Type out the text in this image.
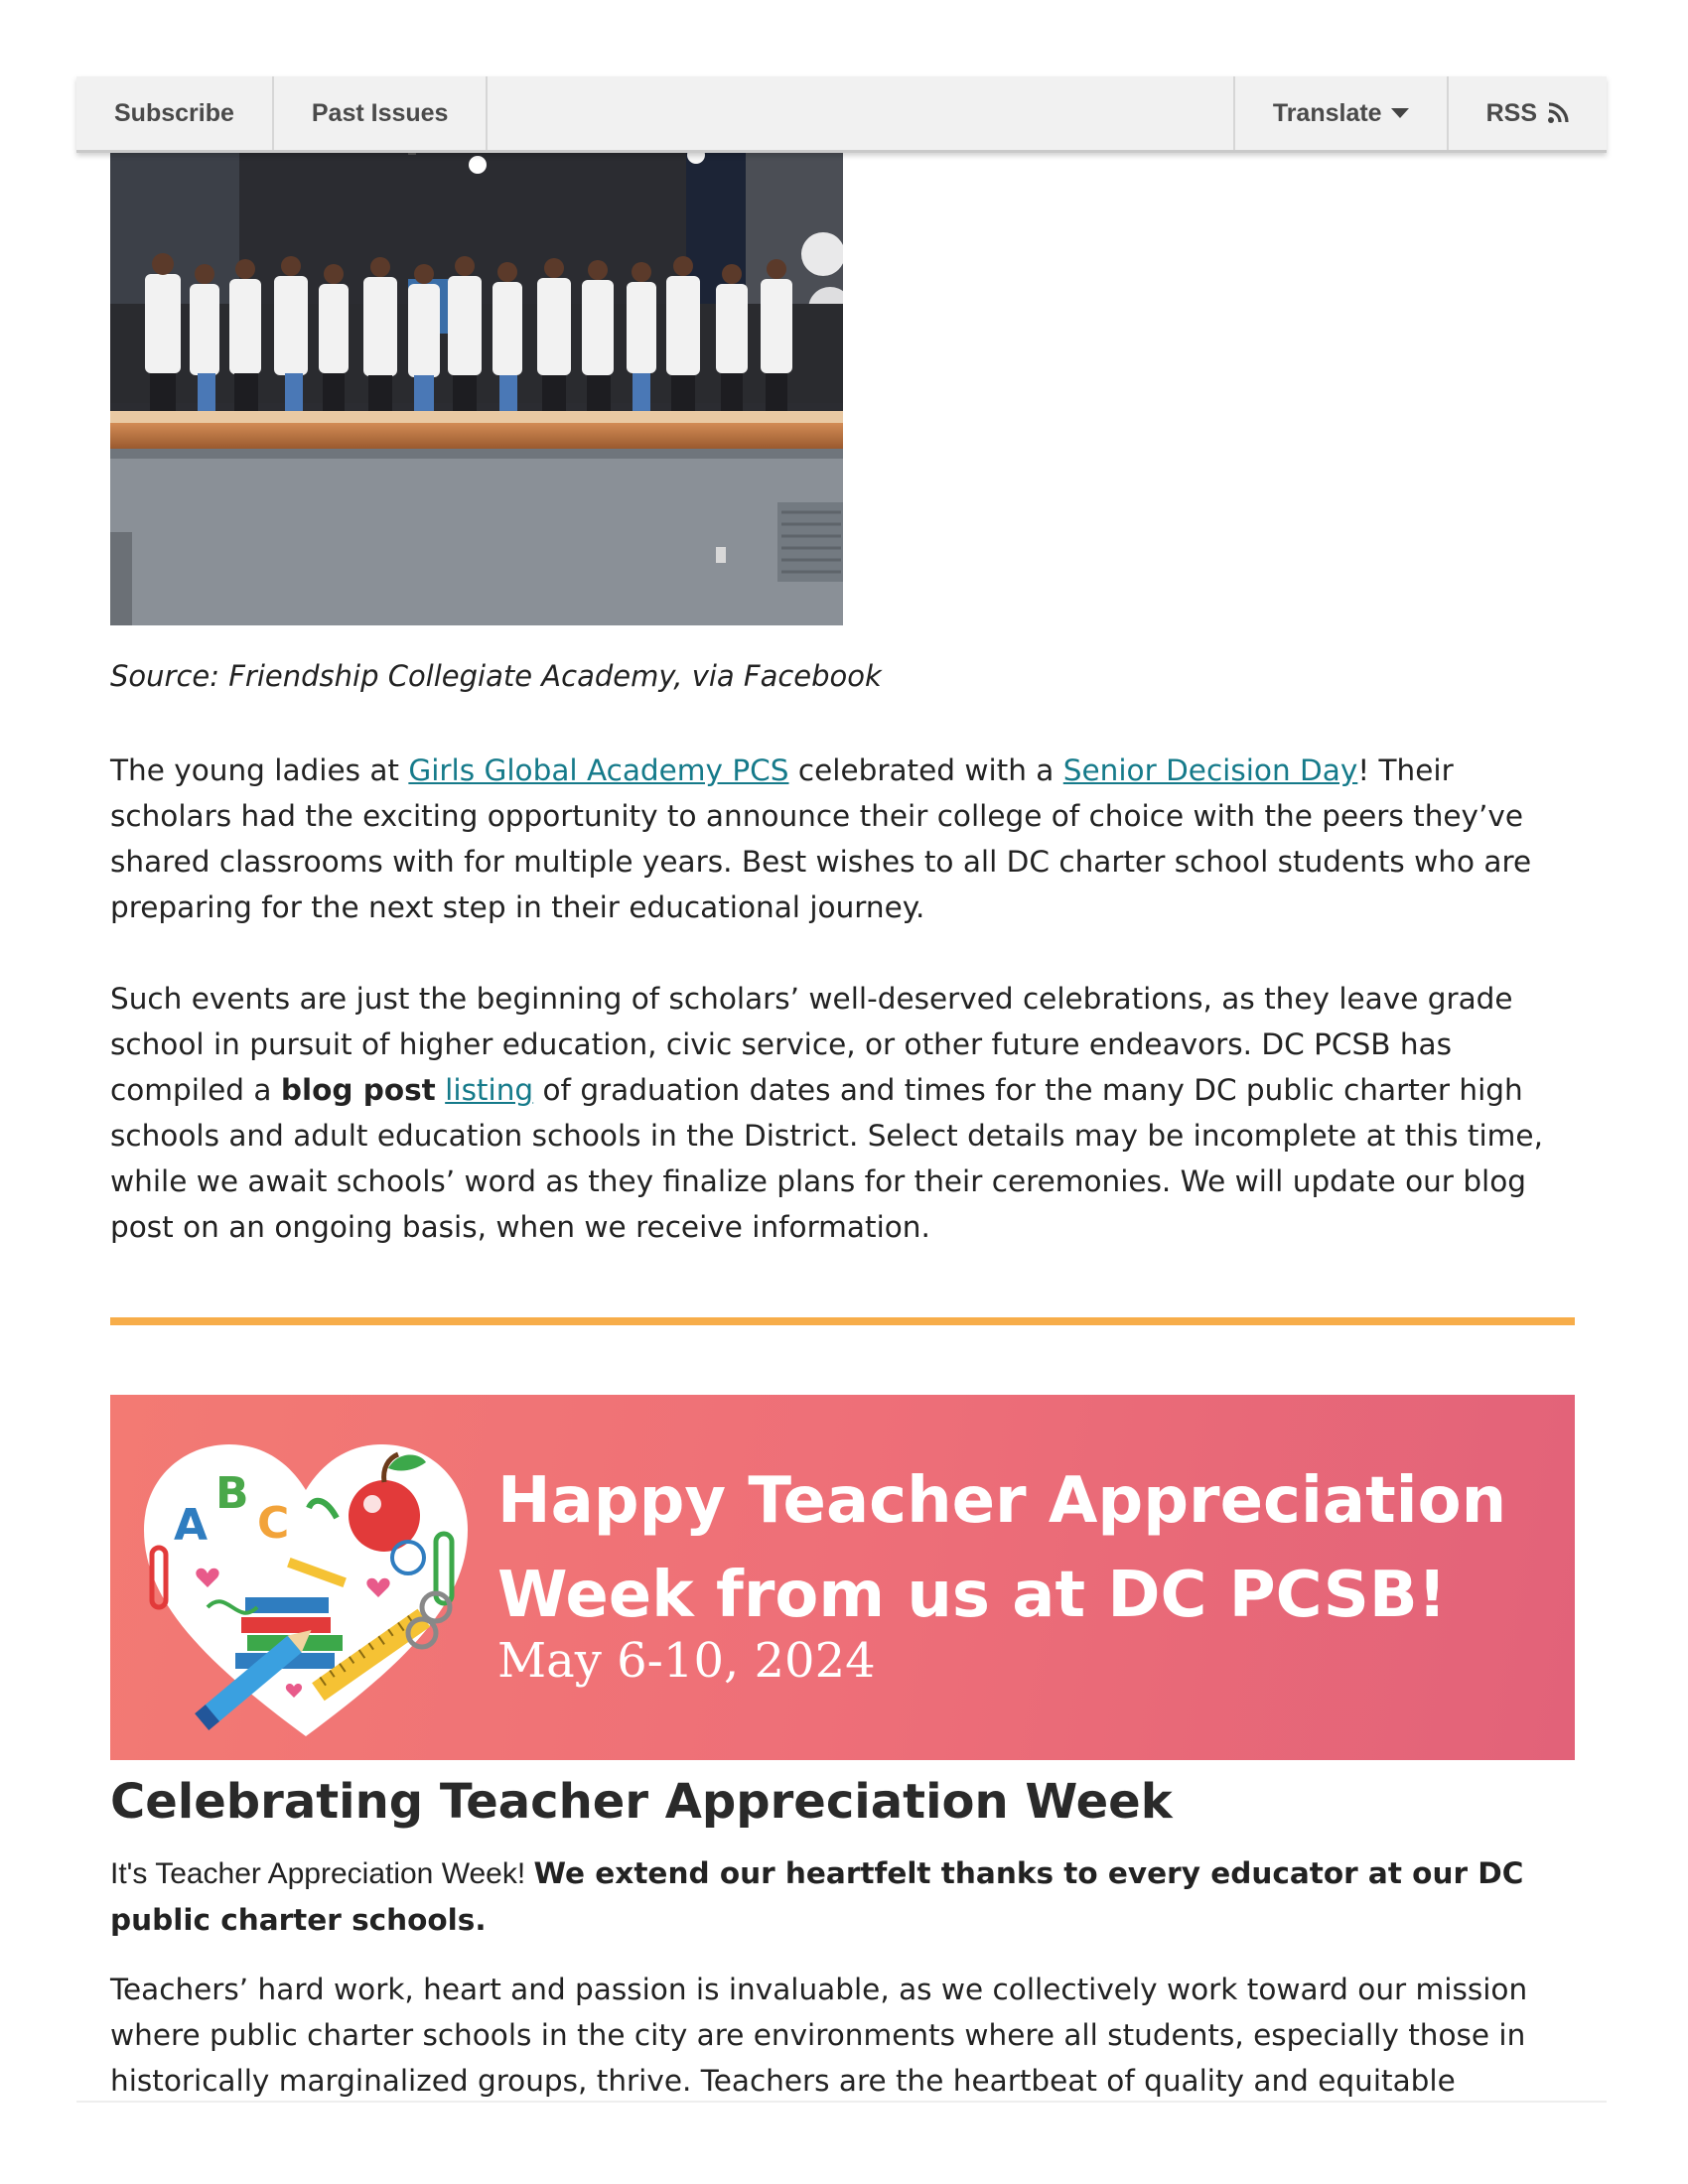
Subscribe	Past Issues	Translate	RSS
Source: Friendship Collegiate Academy, via Facebook
The young ladies at Girls Global Academy PCS celebrated with a Senior Decision Day! Their scholars had the exciting opportunity to announce their college of choice with the peers they’ve shared classrooms with for multiple years. Best wishes to all DC charter school students who are preparing for the next step in their educational journey.
Such events are just the beginning of scholars’ well-deserved celebrations, as they leave grade school in pursuit of higher education, civic service, or other future endeavors. DC PCSB has compiled a blog post listing of graduation dates and times for the many DC public charter high schools and adult education schools in the District. Select details may be incomplete at this time, while we await schools’ word as they finalize plans for their ceremonies. We will update our blog post on an ongoing basis, when we receive information.
A
B
C	Happy Teacher Appreciation
Week from us at DC PCSB!
May 6-10, 2024
Celebrating Teacher Appreciation Week
It's Teacher Appreciation Week! We extend our heartfelt thanks to every educator at our DC public charter schools.
Teachers’ hard work, heart and passion is invaluable, as we collectively work toward our mission where public charter schools in the city are environments where all students, especially those in historically marginalized groups, thrive. Teachers are the heartbeat of quality and equitable
